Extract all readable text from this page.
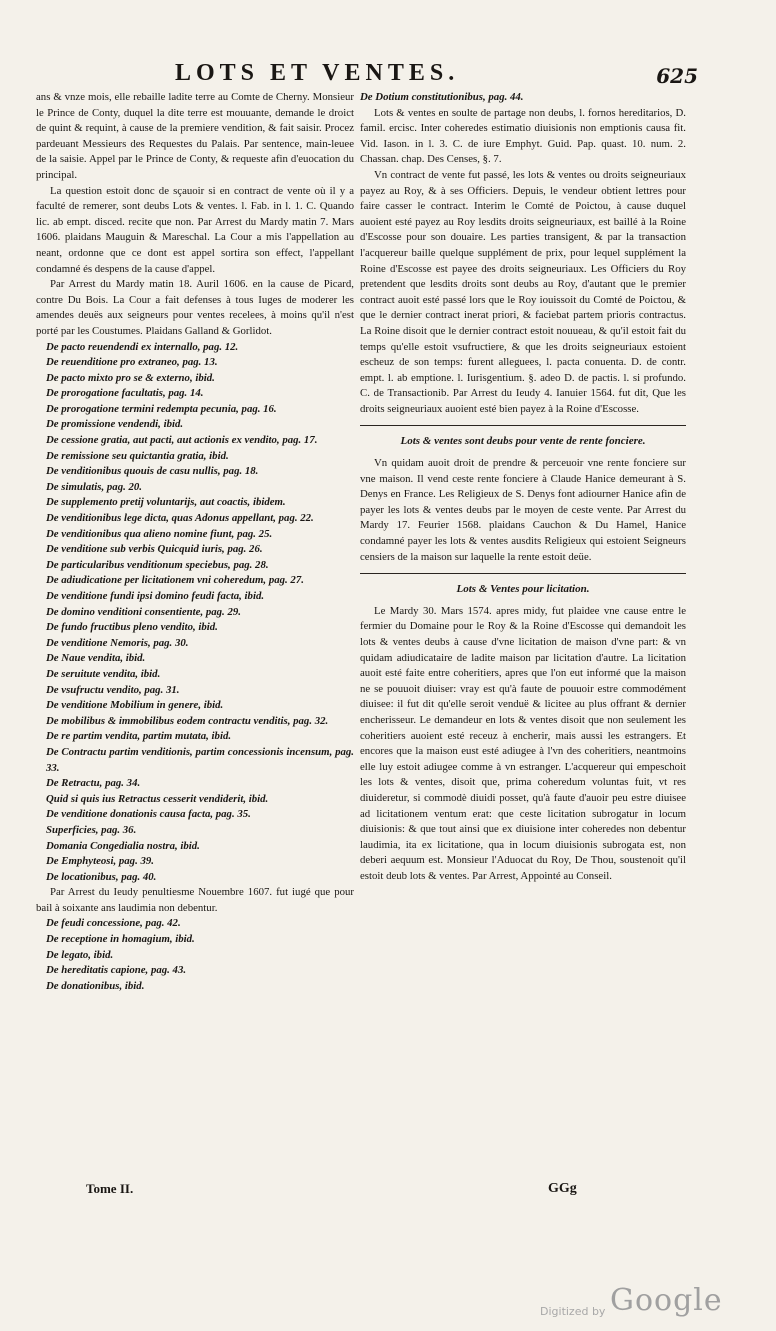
LOTS ET VENTES.	625

ans & vnze mois, elle rebaille ladite terre au Comte de Cherny. Monsieur le Prince de Conty, duquel la dite terre est mouuante, demande le droict de quint & requint, à cause de la premiere vendition, & fait saisir. Procez pardeuant Messieurs des Requestes du Palais. Par sentence, main-leuee de la saisie. Appel par le Prince de Conty, & requeste afin d'euocation du principal.

La question estoit donc de sçauoir si en contract de vente où il y a faculté de remerer, sont deubs Lots & ventes. l. Fab. in l. 1. C. Quando lic. ab empt. disced. recite que non. Par Arrest du Mardy matin 7. Mars 1606. plaidans Mauguin & Mareschal. La Cour a mis l'appellation au neant, ordonne que ce dont est appel sortira son effect, l'appellant condamné és despens de la cause d'appel.

Par Arrest du Mardy matin 18. Auril 1606. en la cause de Picard, contre Du Bois. La Cour a fait defenses à tous Iuges de moderer les amendes deuës aux seigneurs pour ventes recelees, à moins qu'il n'est porté par les Coustumes. Plaidans Galland & Gorlidot.

De pacto reuendendi ex internallo, pag. 12.

De reuenditione pro extraneo, pag. 13.

De pacto mixto pro se & externo, ibid.

De prorogatione facultatis, pag. 14.

De prorogatione termini redempta pecunia, pag. 16.

De promissione vendendi, ibid.

De cessione gratia, aut pacti, aut actionis ex vendito, pag. 17.

De remissione seu quictantia gratia, ibid.

De venditionibus quouis de casu nullis, pag. 18.

De simulatis, pag. 20.

De supplemento pretij voluntarijs, aut coactis, ibidem.

De venditionibus lege dicta, quas Adonus appellant, pag. 22.

De venditionibus qua alieno nomine fiunt, pag. 25.

De venditione sub verbis Quicquid iuris, pag. 26.

De particularibus venditionum speciebus, pag. 28.

De adiudicatione per licitationem vni coheredum, pag. 27.

De venditione fundi ipsi domino feudi facta, ibid.

De domino venditioni consentiente, pag. 29.

De fundo fructibus pleno vendito, ibid.

De venditione Nemoris, pag. 30.

De Naue vendita, ibid.

De seruitute vendita, ibid.

De vsufructu vendito, pag. 31.

De venditione Mobilium in genere, ibid.

De mobilibus & immobilibus eodem contractu venditis, pag. 32.

De re partim vendita, partim mutata, ibid.

De Contractu partim venditionis, partim concessionis incensum, pag. 33.

De Retractu, pag. 34.

Quid si quis ius Retractus cesserit vendiderit, ibid.

De venditione donationis causa facta, pag. 35.

Superficies, pag. 36.

Domania Congedialia nostra, ibid.

De Emphyteosi, pag. 39.

De locationibus, pag. 40.

Par Arrest du Ieudy penultiesme Nouembre 1607. fut iugé que pour bail à soixante ans laudimia non debentur.

De feudi concessione, pag. 42.

De receptione in homagium, ibid.

De legato, ibid.

De hereditatis capione, pag. 43.

De donationibus, ibid.

De Dotium constitutionibus, pag. 44.

Lots & ventes en soulte de partage non deubs, l. fornos hereditarios, D. famil. ercisc. Inter coheredes estimatio diuisionis non emptionis causa fit. Vid. Iason. in l. 3. C. de iure Emphyt. Guid. Pap. quast. 10. num. 2. Chassan. chap. Des Censes, §. 7.

Vn contract de vente fut passé, les lots & ventes ou droits seigneuriaux payez au Roy, & à ses Officiers. Depuis, le vendeur obtient lettres pour faire casser le contract. Interim le Comté de Poictou, à cause duquel auoient esté payez au Roy lesdits droits seigneuriaux, est baillé à la Roine d'Escosse pour son douaire. Les parties transigent, & par la transaction l'acquereur baille quelque supplément de prix, pour lequel supplément la Roine d'Escosse est payee des droits seigneuriaux. Les Officiers du Roy pretendent que lesdits droits sont deubs au Roy, d'autant que le premier contract auoit esté passé lors que le Roy iouissoit du Comté de Poictou, & que le dernier contract inerat priori, & faciebat partem prioris contractus. La Roine disoit que le dernier contract estoit nouueau, & qu'il estoit fait du temps qu'elle estoit vsufructiere, & que les droits seigneuriaux estoient escheuz de son temps: furent alleguees, l. pacta conuenta. D. de contr. empt. l. ab emptione. l. Iurisgentium. §. adeo D. de pactis. l. si profundo. C. de Transactionib. Par Arrest du Ieudy 4. Ianuier 1564. fut dit, Que les droits seigneuriaux auoient esté bien payez à la Roine d'Escosse.

Lots & ventes sont deubs pour vente de rente fonciere.

Vn quidam auoit droit de prendre & perceuoir vne rente fonciere sur vne maison. Il vend ceste rente fonciere à Claude Hanice demeurant à S. Denys en France. Les Religieux de S. Denys font adiourner Hanice afin de payer les lots & ventes deubs par le moyen de ceste vente. Par Arrest du Mardy 17. Feurier 1568. plaidans Cauchon & Du Hamel, Hanice condamné payer les lots & ventes ausdits Religieux qui estoient Seigneurs censiers de la maison sur laquelle la rente estoit deüe.

Lots & Ventes pour licitation.

Le Mardy 30. Mars 1574. apres midy, fut plaidee vne cause entre le fermier du Domaine pour le Roy & la Roine d'Escosse qui demandoit les lots & ventes deubs à cause d'vne licitation de maison d'vne part: & vn quidam adiudicataire de ladite maison par licitation d'autre. La licitation auoit esté faite entre coheritiers, apres que l'on eut informé que la maison ne se pouuoit diuiser: vray est qu'à faute de pouuoir estre commodément diuisee: il fut dit qu'elle seroit venduë & licitee au plus offrant & dernier encherisseur. Le demandeur en lots & ventes disoit que non seulement les coheritiers auoient esté receuz à encherir, mais aussi les estrangers. Et encores que la maison eust esté adiugee à l'vn des coheritiers, neantmoins elle luy estoit adiugee comme à vn estranger. L'acquereur qui empeschoit les lots & ventes, disoit que, prima coheredum voluntas fuit, vt res diuideretur, si commodè diuidi posset, qu'à faute d'auoir peu estre diuisee ad licitationem ventum erat: que ceste licitation subrogatur in locum diuisionis: & que tout ainsi que ex diuisione inter coheredes non debentur laudimia, ita ex licitatione, qua in locum diuisionis subrogata est, non deberi aequum est. Monsieur l'Aduocat du Roy, De Thou, soustenoit qu'il estoit deub lots & ventes. Par Arrest, Appointé au Conseil.

Tome II.	GGg
Digitized by Google
